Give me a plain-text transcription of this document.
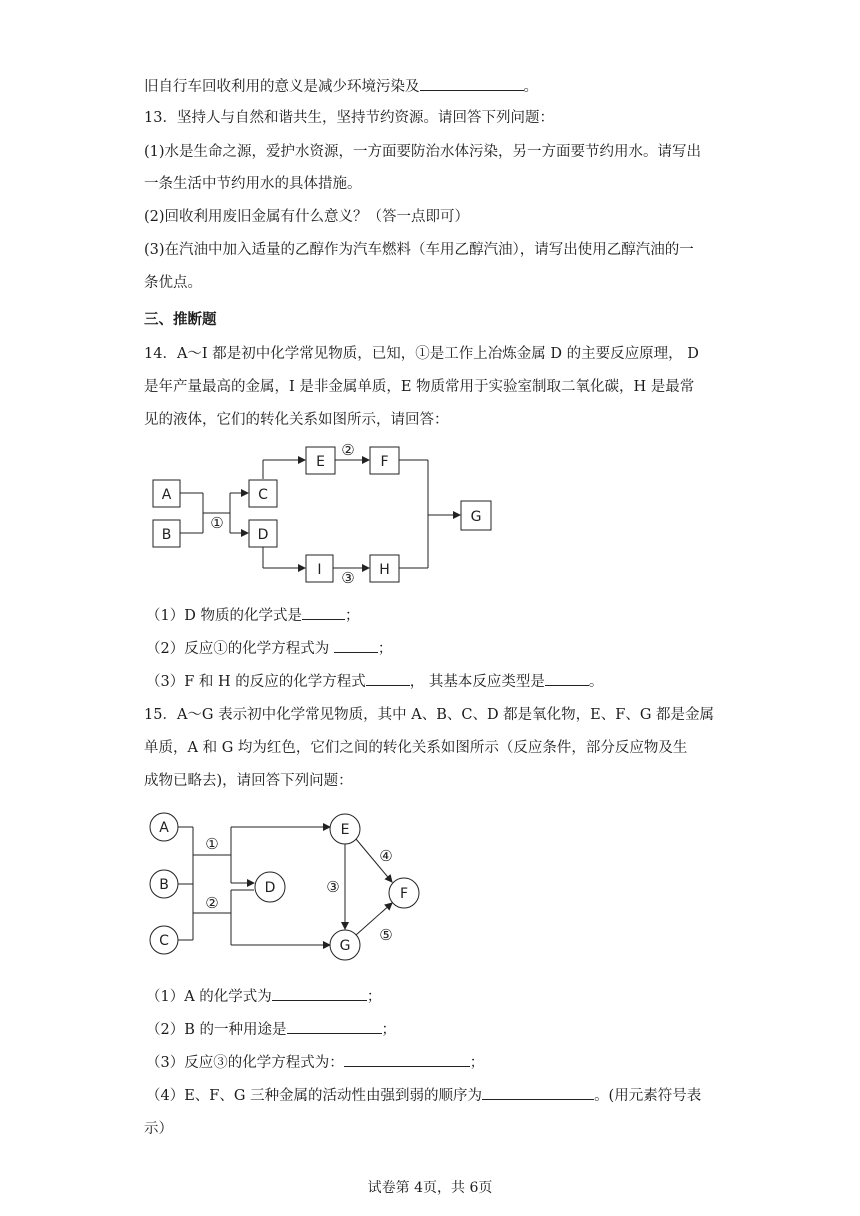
旧自行车回收利用的意义是减少环境污染及	。
13．坚持人与自然和谐共生，坚持节约资源。请回答下列问题：
(1)水是生命之源，爱护水资源，一方面要防治水体污染，另一方面要节约用水。请写出
一条生活中节约用水的具体措施。
(2)回收利用废旧金属有什么意义？（答一点即可）
(3)在汽油中加入适量的乙醇作为汽车燃料（车用乙醇汽油），请写出使用乙醇汽油的一
条优点。
三、推断题
14．A～I 都是初中化学常见物质，已知，①是工作上冶炼金属 D 的主要反应原理， D
是年产量最高的金属，I 是非金属单质，E 物质常用于实验室制取二氧化碳，H 是最常
见的液体，它们的转化关系如图所示，请回答：
A
B
C
D
E	F
G
I	H
①
②
③
（1）D 物质的化学式是	；
（2）反应①的化学方程式为	；
（3）F 和 H 的反应的化学方程式	， 其基本反应类型是	。
15．A～G 表示初中化学常见物质，其中 A、B、C、D 都是氧化物，E、F、G 都是金属
单质，A 和 G 均为红色，它们之间的转化关系如图所示（反应条件，部分反应物及生
成物已略去)，请回答下列问题：
A
B
C
D
E
F
G
①
②
③
④
⑤
（1）A 的化学式为	；
（2）B 的一种用途是	；
（3）反应③的化学方程式为：	；
（4）E、F、G 三种金属的活动性由强到弱的顺序为	。(用元素符号表
示）
试卷第 4页，共 6页
